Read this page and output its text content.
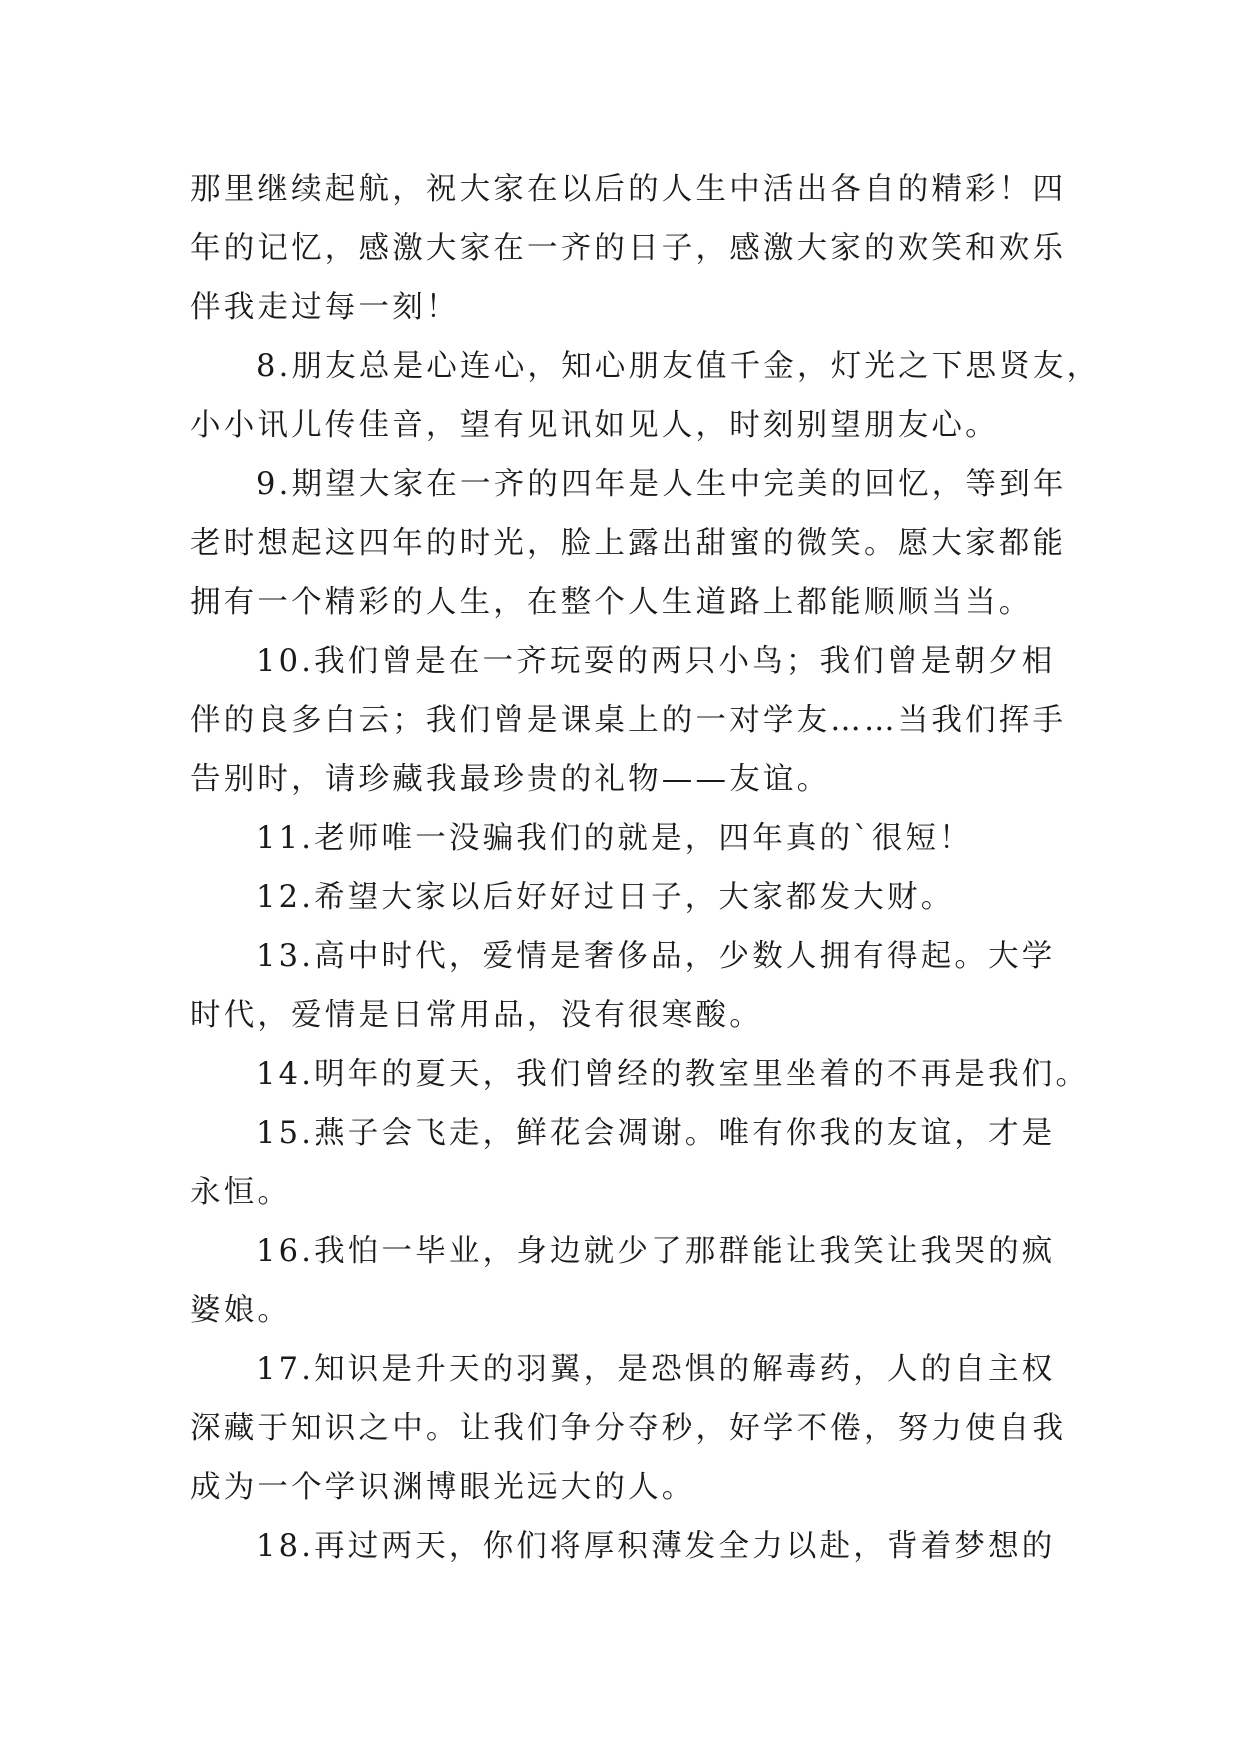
那里继续起航，祝大家在以后的人生中活出各自的精彩！四
年的记忆，感激大家在一齐的日子，感激大家的欢笑和欢乐
伴我走过每一刻！
8.朋友总是心连心，知心朋友值千金，灯光之下思贤友，
小小讯儿传佳音，望有见讯如见人，时刻别望朋友心。
9.期望大家在一齐的四年是人生中完美的回忆，等到年
老时想起这四年的时光，脸上露出甜蜜的微笑。愿大家都能
拥有一个精彩的人生，在整个人生道路上都能顺顺当当。
10.我们曾是在一齐玩耍的两只小鸟；我们曾是朝夕相
伴的良多白云；我们曾是课桌上的一对学友……当我们挥手
告别时，请珍藏我最珍贵的礼物——友谊。
11.老师唯一没骗我们的就是，四年真的`很短！
12.希望大家以后好好过日子，大家都发大财。
13.高中时代，爱情是奢侈品，少数人拥有得起。大学
时代，爱情是日常用品，没有很寒酸。
14.明年的夏天，我们曾经的教室里坐着的不再是我们。
15.燕子会飞走，鲜花会凋谢。唯有你我的友谊，才是
永恒。
16.我怕一毕业，身边就少了那群能让我笑让我哭的疯
婆娘。
17.知识是升天的羽翼，是恐惧的解毒药，人的自主权
深藏于知识之中。让我们争分夺秒，好学不倦，努力使自我
成为一个学识渊博眼光远大的人。
18.再过两天，你们将厚积薄发全力以赴，背着梦想的
